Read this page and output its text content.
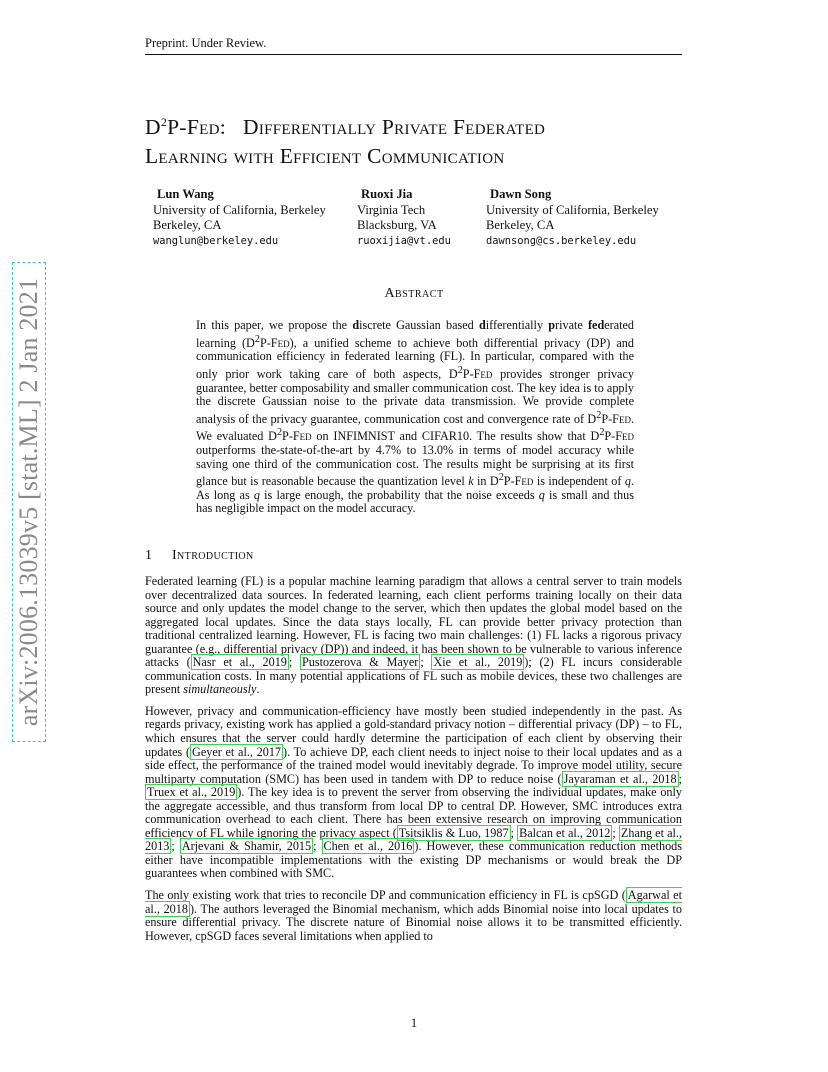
Preprint. Under Review.
arXiv:2006.13039v5 [stat.ML] 2 Jan 2021
$D^2P$-Fed: Differentially Private Federated
Learning with Efficient Communication
Lun Wang
University of California, Berkeley
Berkeley, CA
wanglun@berkeley.edu
Ruoxi Jia
Virginia Tech
Blacksburg, VA
ruoxijia@vt.edu
Dawn Song
University of California, Berkeley
Berkeley, CA
dawnsong@cs.berkeley.edu
Abstract

In this paper, we propose the discrete Gaussian based differentially private federated learning $(D^2P-Fed)$, a unified scheme to achieve both differential privacy (DP) and communication efficiency in federated learning (FL). In particular, compared with the only prior work taking care of both aspects, $D^2P$-Fed provides stronger privacy guarantee, better composability and smaller communication cost. The key idea is to apply the discrete Gaussian noise to the private data transmission. We provide complete analysis of the privacy guarantee, communication cost and convergence rate of $D^2P$-Fed. We evaluated $D^2P$-Fed on INFIMNIST and CIFAR10. The results show that $D^2P$-Fed outperforms the-state-of-the-art by 4.7% to 13.0% in terms of model accuracy while saving one third of the communication cost. The results might be surprising at its first glance but is reasonable because the quantization level k in $D^2P$-Fed is independent of q. As long as q is large enough, the probability that the noise exceeds q is small and thus has negligible impact on the model accuracy.

1 Introduction

Federated learning (FL) is a popular machine learning paradigm that allows a central server to train models over decentralized data sources. In federated learning, each client performs training locally on their data source and only updates the model change to the server, which then updates the global model based on the aggregated local updates. Since the data stays locally, FL can provide better privacy protection than traditional centralized learning. However, FL is facing two main challenges: (1) FL lacks a rigorous privacy guarantee (e.g., differential privacy (DP)) and indeed, it has been shown to be vulnerable to various inference attacks ( Nasr et al., 2019 ; Pustozerova & Mayer ; Xie et al., 2019 ); (2) FL incurs considerable communication costs. In many potential applications of FL such as mobile devices, these two challenges are present simultaneously.

However, privacy and communication-efficiency have mostly been studied independently in the past. As regards privacy, existing work has applied a gold-standard privacy notion – differential privacy (DP) – to FL, which ensures that the server could hardly determine the participation of each client by observing their updates ( Geyer et al., 2017 ). To achieve DP, each client needs to inject noise to their local updates and as a side effect, the performance of the trained model would inevitably degrade. To improve model utility, secure multiparty computation (SMC) has been used in tandem with DP to reduce noise ( Jayaraman et al., 2018 ; Truex et al., 2019 ). The key idea is to prevent the server from observing the individual updates, make only the aggregate accessible, and thus transform from local DP to central DP. However, SMC introduces extra communication overhead to each client. There has been extensive research on improving communication efficiency of FL while ignoring the privacy aspect ( Tsitsiklis & Luo, 1987 ; Balcan et al., 2012 ; Zhang et al., 2013 ; Arjevani & Shamir, 2015 ; Chen et al., 2016 ). However, these communication reduction methods either have incompatible implementations with the existing DP mechanisms or would break the DP guarantees when combined with SMC.

The only existing work that tries to reconcile DP and communication efficiency in FL is cpSGD ( Agarwal et al., 2018 ). The authors leveraged the Binomial mechanism, which adds Binomial noise into local updates to ensure differential privacy. The discrete nature of Binomial noise allows it to be transmitted efficiently. However, cpSGD faces several limitations when applied to

1
